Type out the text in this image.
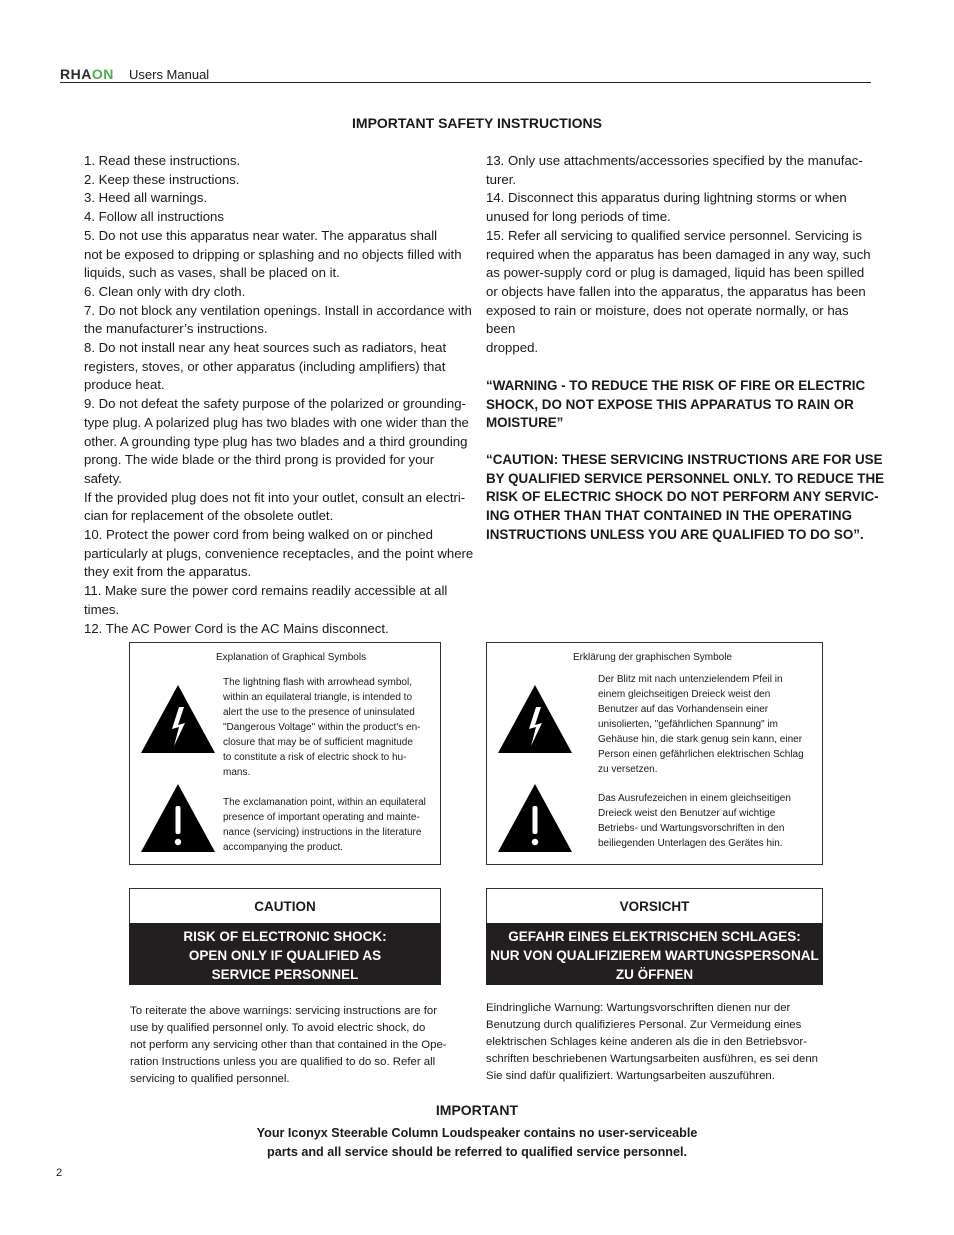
RHAON Users Manual
IMPORTANT SAFETY INSTRUCTIONS
1. Read these instructions.
2. Keep these instructions.
3. Heed all warnings.
4. Follow all instructions
5. Do not use this apparatus near water. The apparatus shall
not be exposed to dripping or splashing and no objects filled with
liquids, such as vases, shall be placed on it.
6. Clean only with dry cloth.
7. Do not block any ventilation openings. Install in accordance with
the manufacturer’s instructions.
8. Do not install near any heat sources such as radiators, heat
registers, stoves, or other apparatus (including amplifiers) that
produce heat.
9. Do not defeat the safety purpose of the polarized or grounding-
type plug. A polarized plug has two blades with one wider than the
other. A grounding type plug has two blades and a third grounding
prong. The wide blade or the third prong is provided for your safety.
If the provided plug does not fit into your outlet, consult an electri-
cian for replacement of the obsolete outlet.
10. Protect the power cord from being walked on or pinched
particularly at plugs, convenience receptacles, and the point where
they exit from the apparatus.
11. Make sure the power cord remains readily accessible at all
times.
12. The AC Power Cord is the AC Mains disconnect.
13. Only use attachments/accessories specified by the manufac-
turer.
14. Disconnect this apparatus during lightning storms or when
unused for long periods of time.
15. Refer all servicing to qualified service personnel. Servicing is
required when the apparatus has been damaged in any way, such
as power-supply cord or plug is damaged, liquid has been spilled
or objects have fallen into the apparatus, the apparatus has been
exposed to rain or moisture, does not operate normally, or has been
dropped.
“WARNING - TO REDUCE THE RISK OF FIRE OR ELECTRIC
SHOCK, DO NOT EXPOSE THIS APPARATUS TO RAIN OR
MOISTURE”
“CAUTION: THESE SERVICING INSTRUCTIONS ARE FOR USE
BY QUALIFIED SERVICE PERSONNEL ONLY. TO REDUCE THE
RISK OF ELECTRIC SHOCK DO NOT PERFORM ANY SERVIC-
ING OTHER THAN THAT CONTAINED IN THE OPERATING
INSTRUCTIONS UNLESS YOU ARE QUALIFIED TO DO SO”.
Explanation of Graphical Symbols
The lightning flash with arrowhead symbol,
within an equilateral triangle, is intended to
alert the use to the presence of uninsulated
"Dangerous Voltage" within the product's en-
closure that may be of sufficient magnitude
to constitute a risk of electric shock to hu-
mans.
The exclamanation point, within an equilateral
presence of important operating and mainte-
nance (servicing) instructions in the literature
accompanying the product.
Erklärung der graphischen Symbole
Der Blitz mit nach untenzielendem Pfeil in
einem gleichseitigen Dreieck weist den
Benutzer auf das Vorhandensein einer
unisolierten, "gefährlichen Spannung" im
Gehäuse hin, die stark genug sein kann, einer
Person einen gefährlichen elektrischen Schlag
zu versetzen.
Das Ausrufezeichen in einem gleichseitigen
Dreieck weist den Benutzer auf wichtige
Betriebs- und Wartungsvorschriften in den
beiliegenden Unterlagen des Gerätes hin.
CAUTION
RISK OF ELECTRONIC SHOCK:
OPEN ONLY IF QUALIFIED AS
SERVICE PERSONNEL
VORSICHT
GEFAHR EINES ELEKTRISCHEN SCHLAGES:
NUR VON QUALIFIZIEREM WARTUNGSPERSONAL
ZU ÖFFNEN
To reiterate the above warnings: servicing instructions are for
use by qualified personnel only. To avoid electric shock, do
not perform any servicing other than that contained in the Ope-
ration Instructions unless you are qualified to do so. Refer all
servicing to qualified personnel.
Eindringliche Warnung: Wartungsvorschriften dienen nur der
Benutzung durch qualifizieres Personal. Zur Vermeidung eines
elektrischen Schlages keine anderen als die in den Betriebsvor-
schriften beschriebenen Wartungsarbeiten ausführen, es sei denn
Sie sind dafür qualifiziert. Wartungsarbeiten auszuführen.
IMPORTANT
Your Iconyx Steerable Column Loudspeaker contains no user-serviceable
parts and all service should be referred to qualified service personnel.
2
